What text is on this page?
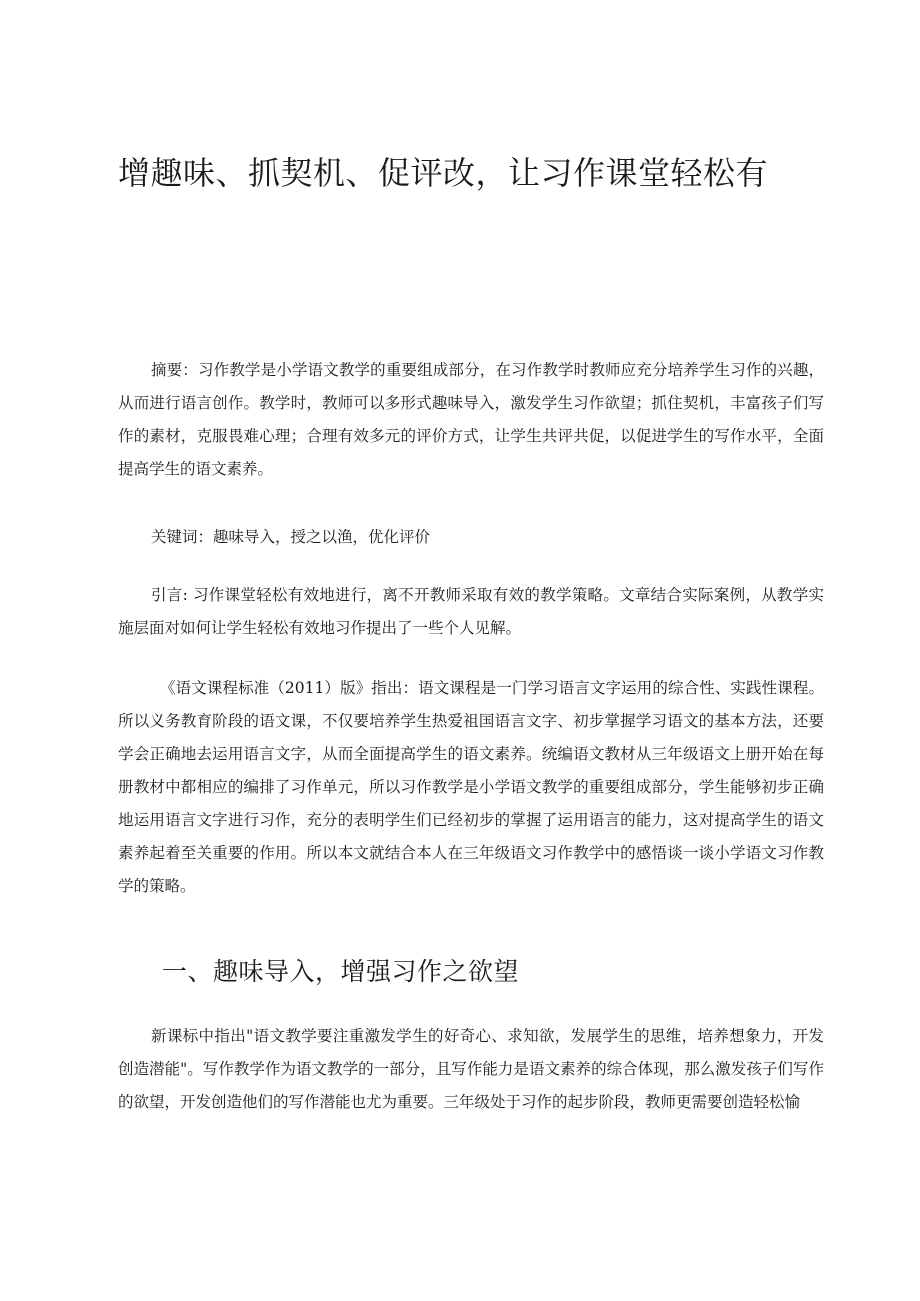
增趣味、抓契机、促评改，让习作课堂轻松有

摘要：习作教学是小学语文教学的重要组成部分，在习作教学时教师应充分培养学生习作的兴趣，从而进行语言创作。教学时，教师可以多形式趣味导入，激发学生习作欲望；抓住契机，丰富孩子们写作的素材，克服畏难心理；合理有效多元的评价方式，让学生共评共促，以促进学生的写作水平，全面提高学生的语文素养。

关键词：趣味导入，授之以渔，优化评价

引言: 习作课堂轻松有效地进行，离不开教师采取有效的教学策略。文章结合实际案例，从教学实施层面对如何让学生轻松有效地习作提出了一些个人见解。

《语文课程标准（2011）版》指出：语文课程是一门学习语言文字运用的综合性、实践性课程。所以义务教育阶段的语文课，不仅要培养学生热爱祖国语言文字、初步掌握学习语文的基本方法，还要学会正确地去运用语言文字，从而全面提高学生的语文素养。统编语文教材从三年级语文上册开始在每册教材中都相应的编排了习作单元，所以习作教学是小学语文教学的重要组成部分，学生能够初步正确地运用语言文字进行习作，充分的表明学生们已经初步的掌握了运用语言的能力，这对提高学生的语文素养起着至关重要的作用。所以本文就结合本人在三年级语文习作教学中的感悟谈一谈小学语文习作教学的策略。

一、趣味导入，增强习作之欲望

新课标中指出"语文教学要注重激发学生的好奇心、求知欲，发展学生的思维，培养想象力，开发创造潜能"。写作教学作为语文教学的一部分，且写作能力是语文素养的综合体现，那么激发孩子们写作的欲望，开发创造他们的写作潜能也尤为重要。三年级处于习作的起步阶段，教师更需要创造轻松愉
